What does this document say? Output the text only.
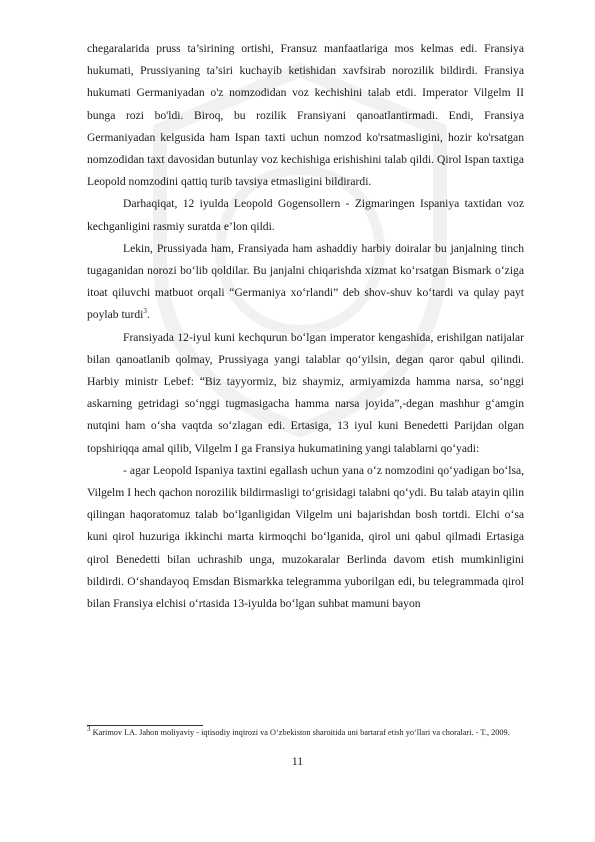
chegaralarida pruss ta’sirining ortishi, Fransuz manfaatlariga mos kelmas edi. Fransiya hukumati, Prussiyaning ta’siri kuchayib ketishidan xavfsirab norozilik bildirdi. Fransiya hukumati Germaniyadan o'z nomzodidan voz kechishini talab etdi. Imperator Vilgelm II bunga rozi bo'ldi. Biroq, bu rozilik Fransiyani qanoatlantirmadi. Endi, Fransiya Germaniyadan kelgusida ham Ispan taxti uchun nomzod ko'rsatmasligini, hozir ko'rsatgan nomzodidan taxt davosidan butunlay voz kechishiga erishishini talab qildi. Qirol Ispan taxtiga Leopold nomzodini qattiq turib tavsiya etmasligini bildirardi.

Darhaqiqat, 12 iyulda Leopold Gogensollern - Zigmaringen Ispaniya taxtidan voz kechganligini rasmiy suratda e’lon qildi.

Lekin, Prussiyada ham, Fransiyada ham ashaddiy harbiy doiralar bu janjalning tinch tugaganidan norozi bo‘lib qoldilar. Bu janjalni chiqarishda xizmat ko‘rsatgan Bismark o‘ziga itoat qiluvchi matbuot orqali “Germaniya xo‘rlandi” deb shov-shuv ko‘tardi va qulay payt poylab turdi$^3$.

Fransiyada 12-iyul kuni kechqurun bo‘lgan imperator kengashida, erishilgan natijalar bilan qanoatlanib qolmay, Prussiyaga yangi talablar qo‘yilsin, degan qaror qabul qilindi. Harbiy ministr Lebef: “Biz tayyormiz, biz shaymiz, armiyamizda hamma narsa, so‘nggi askarning getridagi so‘nggi tugmasigacha hamma narsa joyida”,-degan mashhur g‘amgin nutqini ham o‘sha vaqtda so‘zlagan edi. Ertasiga, 13 iyul kuni Benedetti Parijdan olgan topshiriqqa amal qilib, Vilgelm I ga Fransiya hukumatining yangi talablarni qo‘yadi:

- agar Leopold Ispaniya taxtini egallash uchun yana o‘z nomzodini qo‘yadigan bo‘lsa, Vilgelm I hech qachon norozilik bildirmasligi to‘grisidagi talabni qo‘ydi. Bu talab atayin qilin qilingan haqoratomuz talab bo‘lganligidan Vilgelm uni bajarishdan bosh tortdi. Elchi o‘sa kuni qirol huzuriga ikkinchi marta kirmoqchi bo‘lganida, qirol uni qabul qilmadi Ertasiga qirol Benedetti bilan uchrashib unga, muzokaralar Berlinda davom etish mumkinligini bildirdi. O‘shandayoq Emsdan Bismarkka telegramma yuborilgan edi, bu telegrammada qirol bilan Fransiya elchisi o‘rtasida 13-iyulda bo‘lgan suhbat mamuni bayon

$^3$ Karimov I.A. Jahon moliyaviy - iqtisodiy inqirozi va O‘zbekiston sharoitida uni bartaraf etish yo‘llari va choralari. - T., 2009.
11
